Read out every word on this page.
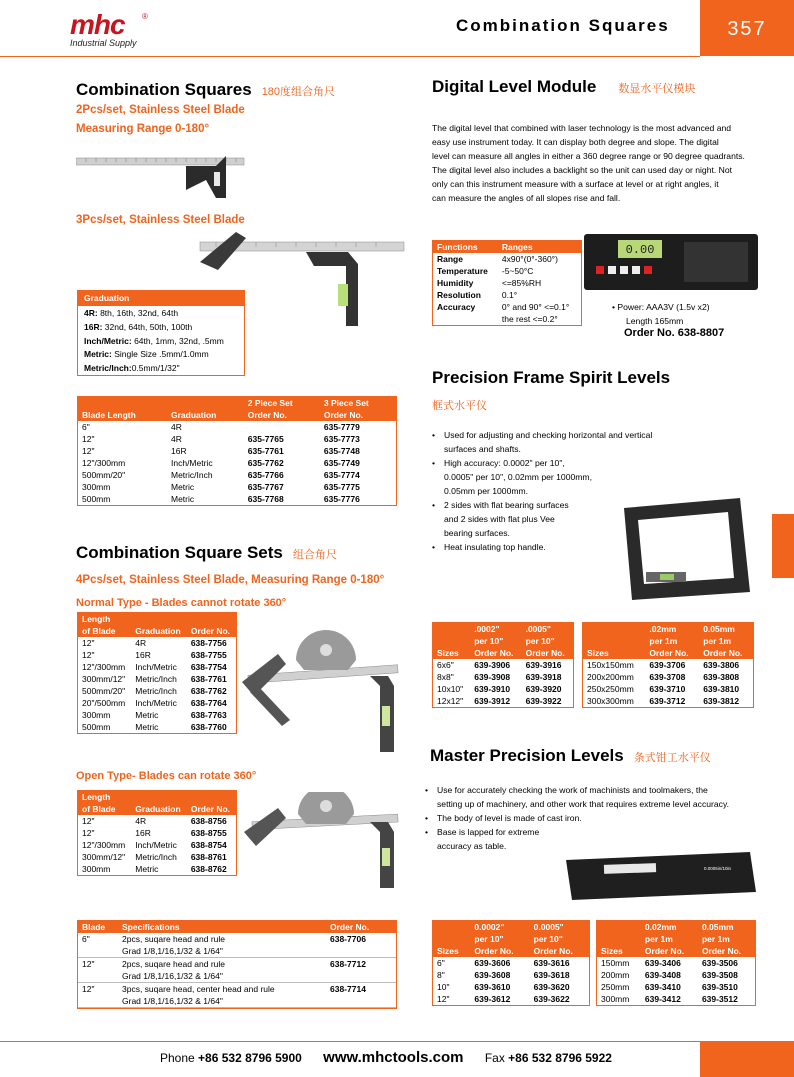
mhc	®
Industrial Supply
Combination Squares	357
Combination Squares 180度组合角尺
2Pcs/set, Stainless Steel Blade
Measuring Range 0-180°
3Pcs/set, Stainless Steel Blade
Graduation
4R: 8th, 16th, 32nd, 64th
16R: 32nd, 64th, 50th, 100th
Inch/Metric: 64th, 1mm, 32nd, .5mm
Metric: Single Size .5mm/1.0mm
Metric/Inch:0.5mm/1/32"
		2 Piece Set	3 Piece Set
Blade Length	Graduation	Order No.	Order No.
6"	4R		635-7779
12"	4R	635-7765	635-7773
12"	16R	635-7761	635-7748
12"/300mm	Inch/Metric	635-7762	635-7749
500mm/20"	Metric/Inch	635-7766	635-7774
300mm	Metric	635-7767	635-7775
500mm	Metric	635-7768	635-7776
Combination Square Sets 组合角尺
4Pcs/set, Stainless Steel Blade, Measuring Range 0-180°
Normal Type - Blades cannot rotate 360°
Length		
of Blade	Graduation	Order No.
12"	4R	638-7756
12"	16R	638-7755
12"/300mm	Inch/Metric	638-7754
300mm/12"	Metric/Inch	638-7761
500mm/20"	Metric/Inch	638-7762
20"/500mm	Inch/Metric	638-7764
300mm	Metric	638-7763
500mm	Metric	638-7760
Open Type- Blades can rotate 360°
Length		
of Blade	Graduation	Order No.
12"	4R	638-8756
12"	16R	638-8755
12"/300mm	Inch/Metric	638-8754
300mm/12"	Metric/Inch	638-8761
300mm	Metric	638-8762
Blade	Specifications	Order No.
6"	2pcs, suqare head and rule	638-7706
	Grad 1/8,1/16,1/32 & 1/64"	
12"	2pcs, suqare head and rule	638-7712
	Grad 1/8,1/16,1/32 & 1/64"	
12"	3pcs, suqare head, center head and rule	638-7714
	Grad 1/8,1/16,1/32 & 1/64"	
Digital Level Module 数显水平仪模块
The digital level that combined with laser technology is the most advanced and
easy use instrument today. It can display both degree and slope. The digital
level can measure all angles in either a 360 degree range or 90 degree quadrants.
The digital level also includes a backlight so the unit can used day or night. Not
only can this instrument measure with a surface at level or at right angles, it
can measure the angles of all slopes rise and fall.
Functions	Ranges
Range	4x90°(0°-360°)
Temperature	-5~50°C
Humidity	<=85%RH
Resolution	0.1°
Accuracy	0° and 90° <=0.1°
	the rest <=0.2°
0.00
• Power: AAA3V (1.5v x2)
Length 165mm
Order No. 638-8807
Precision Frame Spirit Levels
框式水平仪
• Used for adjusting and checking horizontal and vertical
surfaces and shafts.
• High accuracy: 0.0002" per 10",
0.0005" per 10", 0.02mm per 1000mm,
0.05mm per 1000mm.
• 2 sides with flat bearing surfaces
and 2 sides with flat plus Vee
bearing surfaces.
• Heat insulating top handle.
	.0002"	.0005"
	per 10"	per 10"
Sizes	Order No.	Order No.
6x6"	639-3906	639-3916
8x8"	639-3908	639-3918
10x10"	639-3910	639-3920
12x12"	639-3912	639-3922
	.02mm	0.05mm
	per 1m	per 1m
Sizes	Order No.	Order No.
150x150mm	639-3706	639-3806
200x200mm	639-3708	639-3808
250x250mm	639-3710	639-3810
300x300mm	639-3712	639-3812
Master Precision Levels 条式钳工水平仪
• Use for accurately checking the work of machinists and toolmakers, the
setting up of machinery, and other work that requires extreme level accuracy.
• The body of level is made of cast iron.
• Base is lapped for extreme
accuracy as table.
0.0005in/10in
	0.0002"	0.0005"
	per 10"	per 10"
Sizes	Order No.	Order No.
6"	639-3606	639-3616
8"	639-3608	639-3618
10"	639-3610	639-3620
12"	639-3612	639-3622
	0.02mm	0.05mm
	per 1m	per 1m
Sizes	Order No.	Order No.
150mm	639-3406	639-3506
200mm	639-3408	639-3508
250mm	639-3410	639-3510
300mm	639-3412	639-3512
Phone +86 532 8796 5900 www.mhctools.com Fax +86 532 8796 5922
